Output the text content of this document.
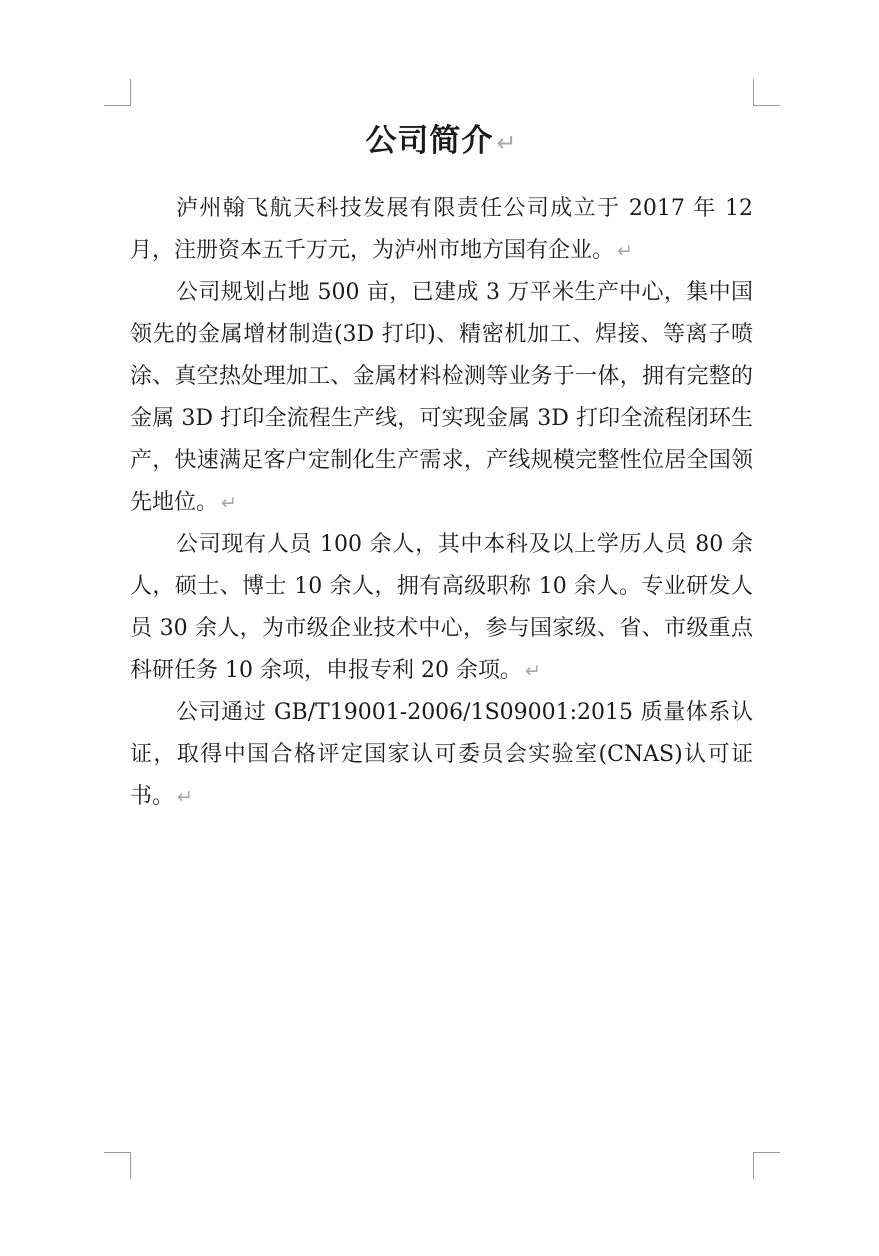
公司简介 ↵

泸州翰飞航天科技发展有限责任公司成立于 2017 年 12 月，注册资本五千万元，为泸州市地方国有企业。 ↵

公司规划占地 500 亩，已建成 3 万平米生产中心，集中国领先的金属增材制造(3D 打印)、精密机加工、焊接、等离子喷涂、真空热处理加工、金属材料检测等业务于一体，拥有完整的金属 3D 打印全流程生产线，可实现金属 3D 打印全流程闭环生产，快速满足客户定制化生产需求，产线规模完整性位居全国领先地位。 ↵

公司现有人员 100 余人，其中本科及以上学历人员 80 余人，硕士、博士 10 余人，拥有高级职称 10 余人。专业研发人员 30 余人，为市级企业技术中心，参与国家级、省、市级重点科研任务 10 余项，申报专利 20 余项。 ↵

公司通过 GB/T19001-2006/1S09001:2015 质量体系认证，取得中国合格评定国家认可委员会实验室(CNAS)认可证书。 ↵
